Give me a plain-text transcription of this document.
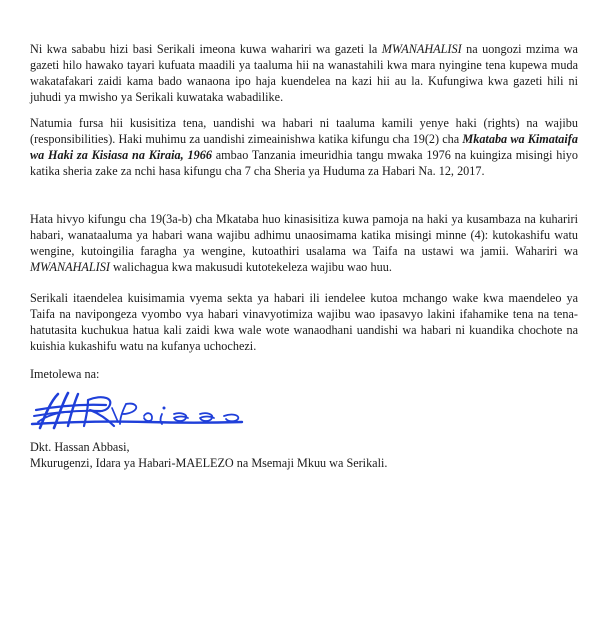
Ni kwa sababu hizi basi Serikali imeona kuwa wahariri wa gazeti la MWANAHALISI na uongozi mzima wa gazeti hilo hawako tayari kufuata maadili ya taaluma hii na wanastahili kwa mara nyingine tena kupewa muda wakatafakari zaidi kama bado wanaona ipo haja kuendelea na kazi hii au la. Kufungiwa kwa gazeti hili ni juhudi ya mwisho ya Serikali kuwataka wabadilike.

Natumia fursa hii kusisitiza tena, uandishi wa habari ni taaluma kamili yenye haki (rights) na wajibu (responsibilities). Haki muhimu za uandishi zimeainishwa katika kifungu cha 19(2) cha Mkataba wa Kimataifa wa Haki za Kisiasa na Kiraia, 1966 ambao Tanzania imeuridhia tangu mwaka 1976 na kuingiza misingi hiyo katika sheria zake za nchi hasa kifungu cha 7 cha Sheria ya Huduma za Habari Na. 12, 2017.

Hata hivyo kifungu cha 19(3a-b) cha Mkataba huo kinasisitiza kuwa pamoja na haki ya kusambaza na kuhariri habari, wanataaluma ya habari wana wajibu adhimu unaosimama katika misingi minne (4): kutokashifu watu wengine, kutoingilia faragha ya wengine, kutoathiri usalama wa Taifa na ustawi wa jamii. Wahariri wa MWANAHALISI walichagua kwa makusudi kutotekeleza wajibu wao huu.

Serikali itaendelea kuisimamia vyema sekta ya habari ili iendelee kutoa mchango wake kwa maendeleo ya Taifa na navipongeza vyombo vya habari vinavyotimiza wajibu wao ipasavyo lakini ifahamike tena na tena-hatutasita kuchukua hatua kali zaidi kwa wale wote wanaodhani uandishi wa habari ni kuandika chochote na kuishia kukashifu watu na kufanya uchochezi.

Imetolewa na:

Dkt. Hassan Abbasi,

Mkurugenzi, Idara ya Habari-MAELEZO na Msemaji Mkuu wa Serikali.
